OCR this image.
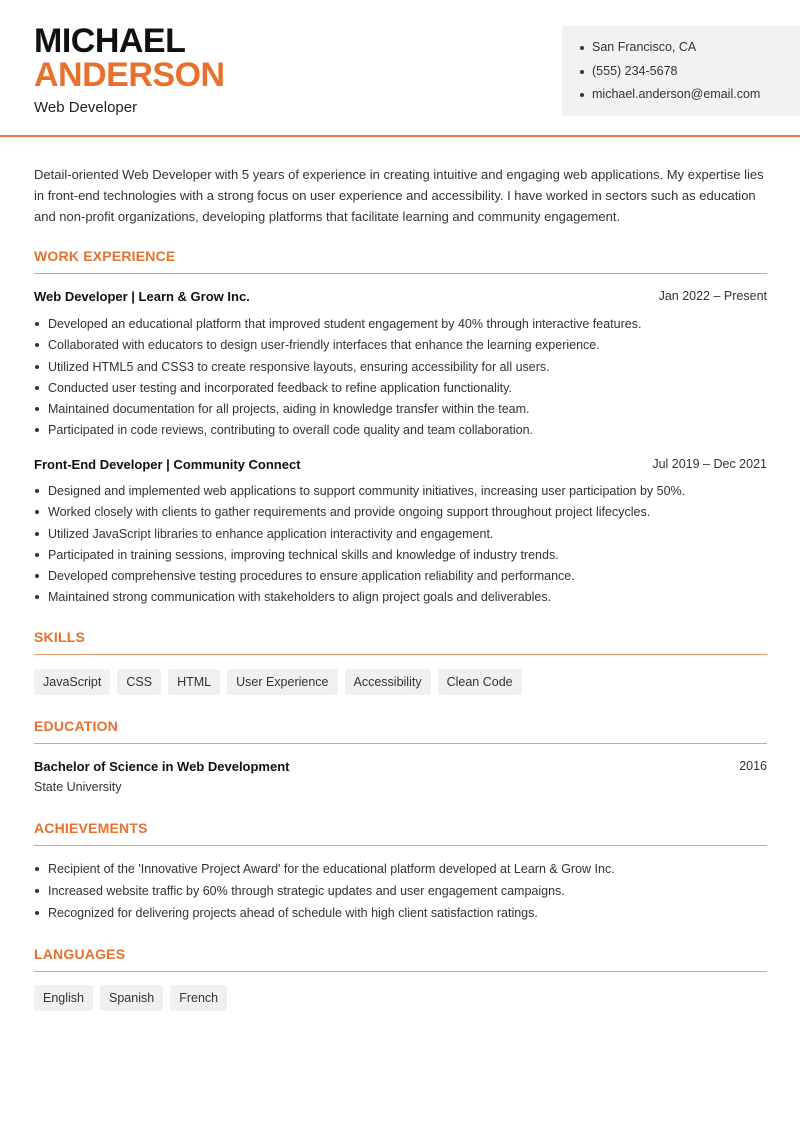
MICHAEL
ANDERSON
Web Developer
San Francisco, CA
(555) 234-5678
michael.anderson@email.com

Detail-oriented Web Developer with 5 years of experience in creating intuitive and engaging web applications. My expertise lies in front-end technologies with a strong focus on user experience and accessibility. I have worked in sectors such as education and non-profit organizations, developing platforms that facilitate learning and community engagement.

WORK EXPERIENCE
Web Developer | Learn & Grow Inc.	Jan 2022 – Present
Developed an educational platform that improved student engagement by 40% through interactive features.
Collaborated with educators to design user-friendly interfaces that enhance the learning experience.
Utilized HTML5 and CSS3 to create responsive layouts, ensuring accessibility for all users.
Conducted user testing and incorporated feedback to refine application functionality.
Maintained documentation for all projects, aiding in knowledge transfer within the team.
Participated in code reviews, contributing to overall code quality and team collaboration.
Front-End Developer | Community Connect	Jul 2019 – Dec 2021
Designed and implemented web applications to support community initiatives, increasing user participation by 50%.
Worked closely with clients to gather requirements and provide ongoing support throughout project lifecycles.
Utilized JavaScript libraries to enhance application interactivity and engagement.
Participated in training sessions, improving technical skills and knowledge of industry trends.
Developed comprehensive testing procedures to ensure application reliability and performance.
Maintained strong communication with stakeholders to align project goals and deliverables.
SKILLS
JavaScript	CSS	HTML	User Experience	Accessibility	Clean Code
EDUCATION
Bachelor of Science in Web Development	2016
State University
ACHIEVEMENTS
Recipient of the 'Innovative Project Award' for the educational platform developed at Learn & Grow Inc.
Increased website traffic by 60% through strategic updates and user engagement campaigns.
Recognized for delivering projects ahead of schedule with high client satisfaction ratings.
LANGUAGES
English	Spanish	French
